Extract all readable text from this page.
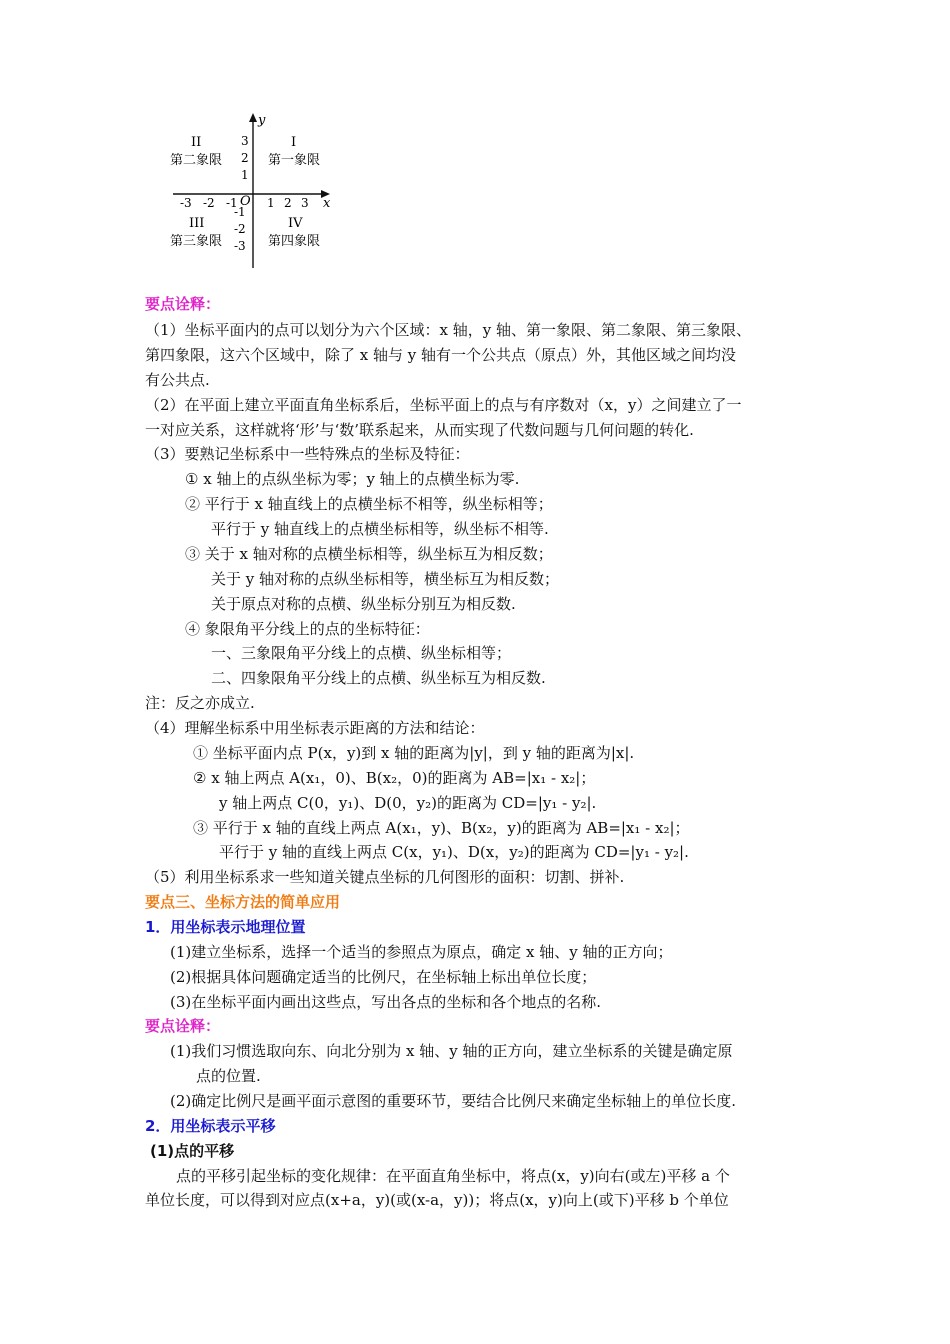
y
x
O
-3 -2 -1 1 2 3
3
2
1
-1
-2
-3
I
第一象限
II
第二象限
III
第三象限
IV
第四象限
要点诠释：
（1）坐标平面内的点可以划分为六个区域：x 轴，y 轴、第一象限、第二象限、第三象限、
第四象限，这六个区域中，除了 x 轴与 y 轴有一个公共点（原点）外，其他区域之间均没
有公共点.
（2）在平面上建立平面直角坐标系后，坐标平面上的点与有序数对（x，y）之间建立了一
一对应关系，这样就将‘形’与‘数’联系起来，从而实现了代数问题与几何问题的转化.
（3）要熟记坐标系中一些特殊点的坐标及特征：
① x 轴上的点纵坐标为零；y 轴上的点横坐标为零.
② 平行于 x 轴直线上的点横坐标不相等，纵坐标相等；
平行于 y 轴直线上的点横坐标相等，纵坐标不相等.
③ 关于 x 轴对称的点横坐标相等，纵坐标互为相反数；
关于 y 轴对称的点纵坐标相等，横坐标互为相反数；
关于原点对称的点横、纵坐标分别互为相反数.
④ 象限角平分线上的点的坐标特征：
一、三象限角平分线上的点横、纵坐标相等；
二、四象限角平分线上的点横、纵坐标互为相反数.
注：反之亦成立.
（4）理解坐标系中用坐标表示距离的方法和结论：
① 坐标平面内点 P(x，y)到 x 轴的距离为|y|，到 y 轴的距离为|x|.
② x 轴上两点 A(x₁，0)、B(x₂，0)的距离为 AB=|x₁ - x₂|；
y 轴上两点 C(0，y₁)、D(0，y₂)的距离为 CD=|y₁ - y₂|.
③ 平行于 x 轴的直线上两点 A(x₁，y)、B(x₂，y)的距离为 AB=|x₁ - x₂|；
平行于 y 轴的直线上两点 C(x，y₁)、D(x，y₂)的距离为 CD=|y₁ - y₂|.
（5）利用坐标系求一些知道关键点坐标的几何图形的面积：切割、拼补.
要点三、坐标方法的简单应用
1．用坐标表示地理位置
(1)建立坐标系，选择一个适当的参照点为原点，确定 x 轴、y 轴的正方向；
(2)根据具体问题确定适当的比例尺，在坐标轴上标出单位长度；
(3)在坐标平面内画出这些点，写出各点的坐标和各个地点的名称.
要点诠释：
(1)我们习惯选取向东、向北分别为 x 轴、y 轴的正方向，建立坐标系的关键是确定原
点的位置.
(2)确定比例尺是画平面示意图的重要环节，要结合比例尺来确定坐标轴上的单位长度.
2．用坐标表示平移
(1)点的平移
点的平移引起坐标的变化规律：在平面直角坐标中，将点(x，y)向右(或左)平移 a 个
单位长度，可以得到对应点(x+a，y)(或(x-a，y))；将点(x，y)向上(或下)平移 b 个单位
